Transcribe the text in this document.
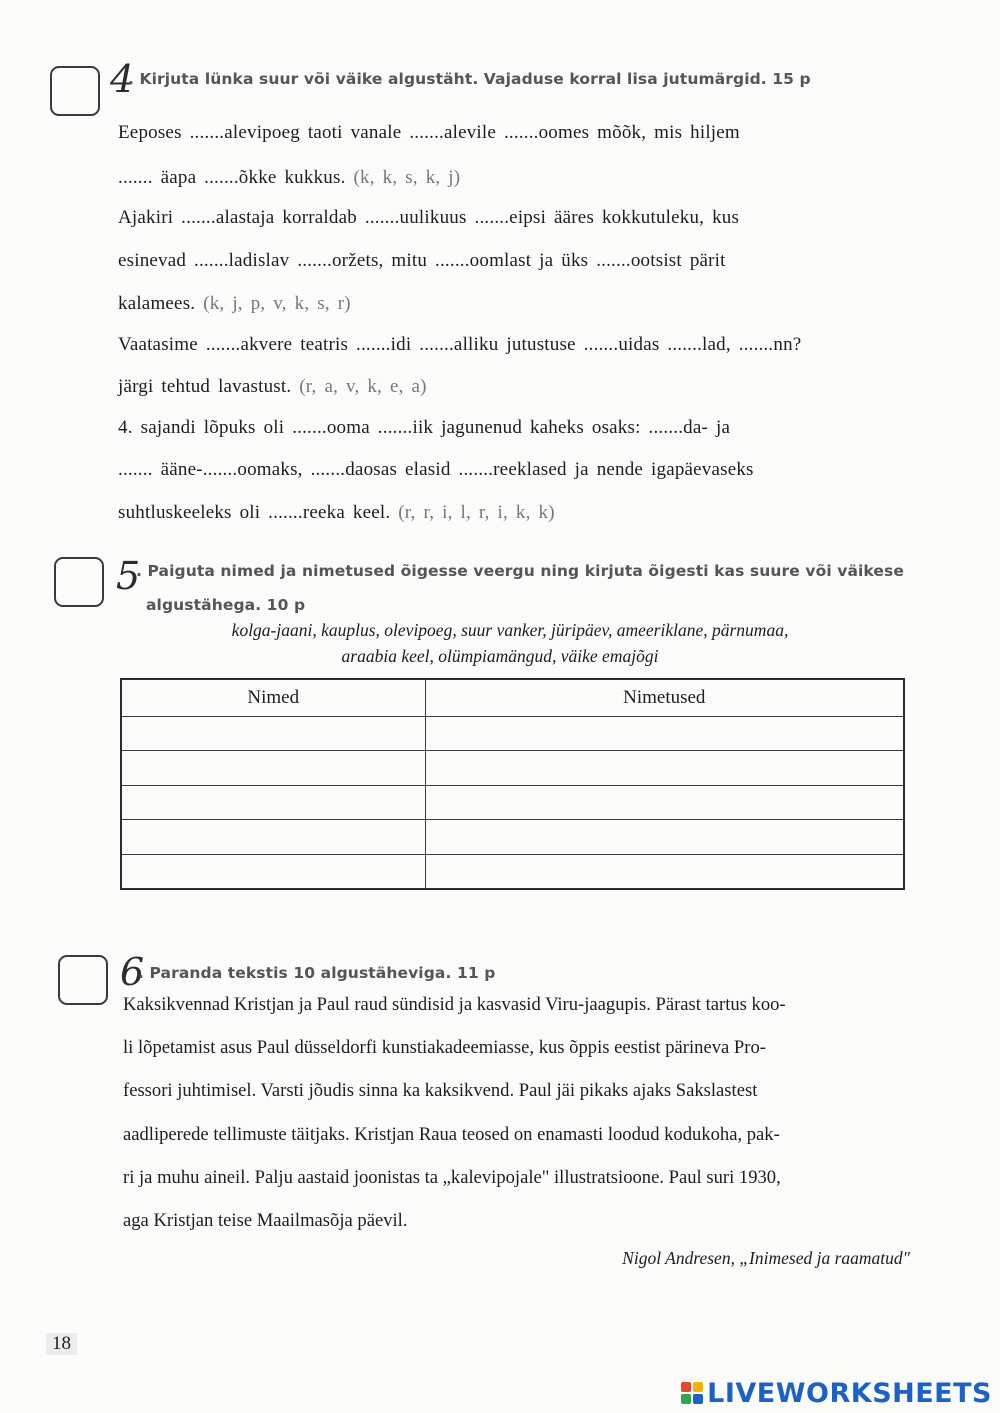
4
. Kirjuta lünka suur või väike algustäht. Vajaduse korral lisa jutumärgid. 15 p
Eeposes .......alevipoeg taoti vanale .......alevile .......oomes mõõk, mis hiljem
....... äapa .......õkke kukkus. (k, k, s, k, j)
Ajakiri .......alastaja korraldab .......uulikuus .......eipsi ääres kokkutuleku, kus
esinevad .......ladislav .......oržets, mitu .......oomlast ja üks .......ootsist pärit
kalamees. (k, j, p, v, k, s, r)
Vaatasime .......akvere teatris .......idi .......alliku jutustuse .......uidas .......lad, .......nn?
järgi tehtud lavastust. (r, a, v, k, e, a)
4. sajandi lõpuks oli .......ooma .......iik jagunenud kaheks osaks: .......da- ja
....... ääne-.......oomaks, .......daosas elasid .......reeklased ja nende igapäevaseks
suhtluskeeleks oli .......reeka keel. (r, r, i, l, r, i, k, k)
5
. Paiguta nimed ja nimetused õigesse veergu ning kirjuta õigesti kas suure või väikese
algustähega. 10 p
kolga-jaani, kauplus, olevipoeg, suur vanker, jüripäev, ameeriklane, pärnumaa,
araabia keel, olümpiamängud, väike emajõgi
Nimed	Nimetused

6
. Paranda tekstis 10 algustäheviga. 11 p
Kaksikvennad Kristjan ja Paul raud sündisid ja kasvasid Viru-jaagupis. Pärast tartus koo-
li lõpetamist asus Paul düsseldorfi kunstiakadeemiasse, kus õppis eestist pärineva Pro-
fessori juhtimisel. Varsti jõudis sinna ka kaksikvend. Paul jäi pikaks ajaks Sakslastest
aadliperede tellimuste täitjaks. Kristjan Raua teosed on enamasti loodud kodukoha, pak-
ri ja muhu aineil. Palju aastaid joonistas ta „kalevipojale" illustratsioone. Paul suri 1930,
aga Kristjan teise Maailmasõja päevil.
Nigol Andresen, „Inimesed ja raamatud"
18
LIVEWORKSHEETS
